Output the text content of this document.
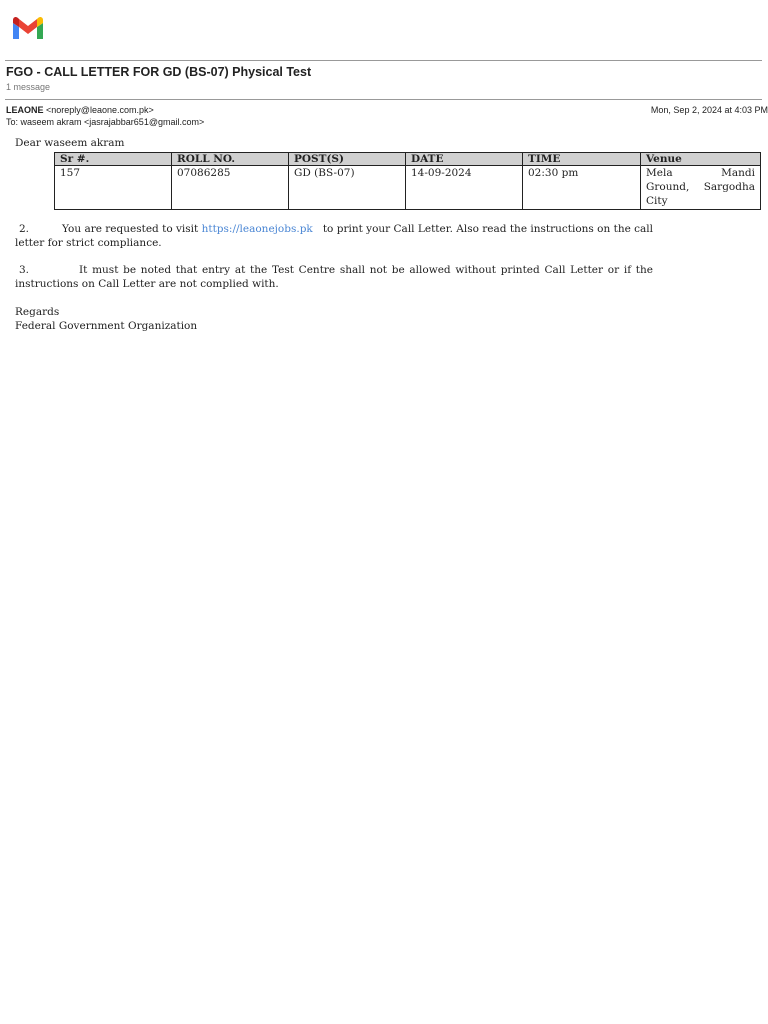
FGO - CALL LETTER FOR GD (BS-07) Physical Test
1 message
LEAONE <noreply@leaone.com.pk>	Mon, Sep 2, 2024 at 4:03 PM
To: waseem akram <jasrajabbar651@gmail.com>

Dear waseem akram

Sr #.	ROLL NO.	POST(S)	DATE	TIME	Venue
157	07086285	GD (BS-07)	14-09-2024	02:30 pm	Mela Mandi Ground, Sargodha City

2.	You are requested to visit https://leaonejobs.pk   to print your Call Letter. Also read the instructions on the call letter for strict compliance.

3.	It must be noted that entry at the Test Centre shall not be allowed without printed Call Letter or if the instructions on Call Letter are not complied with.

Regards
Federal Government Organization
